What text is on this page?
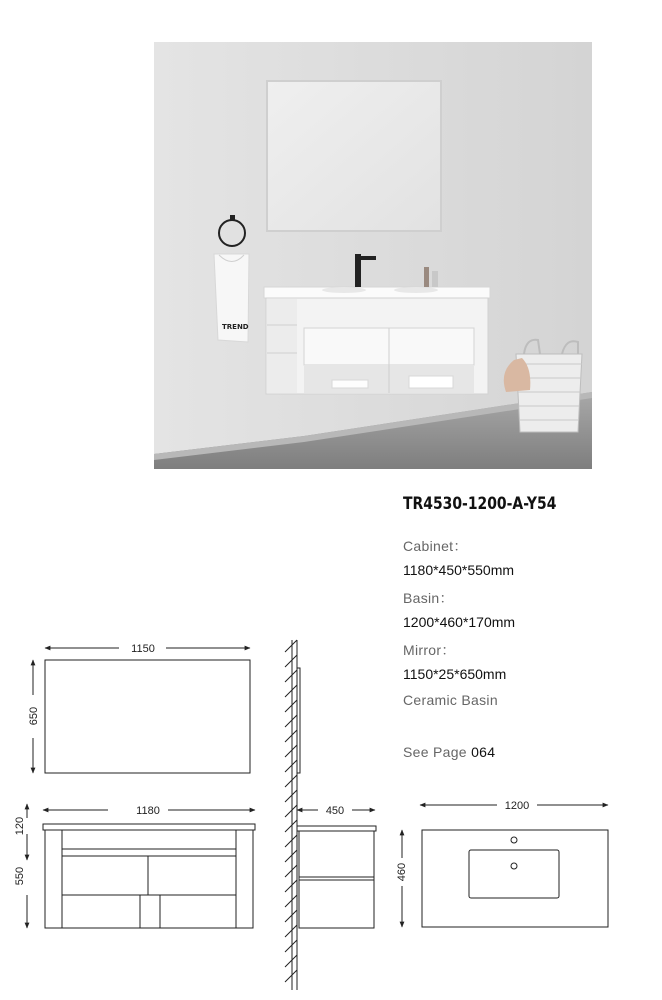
TREND
TR4530-1200-A-Y54
Cabinet：
1180*450*550mm
Basin：
1200*460*170mm
Mirror：
1150*25*650mm
Ceramic Basin
See Page 064
1150
650
1180
120
550
450	1200
460
